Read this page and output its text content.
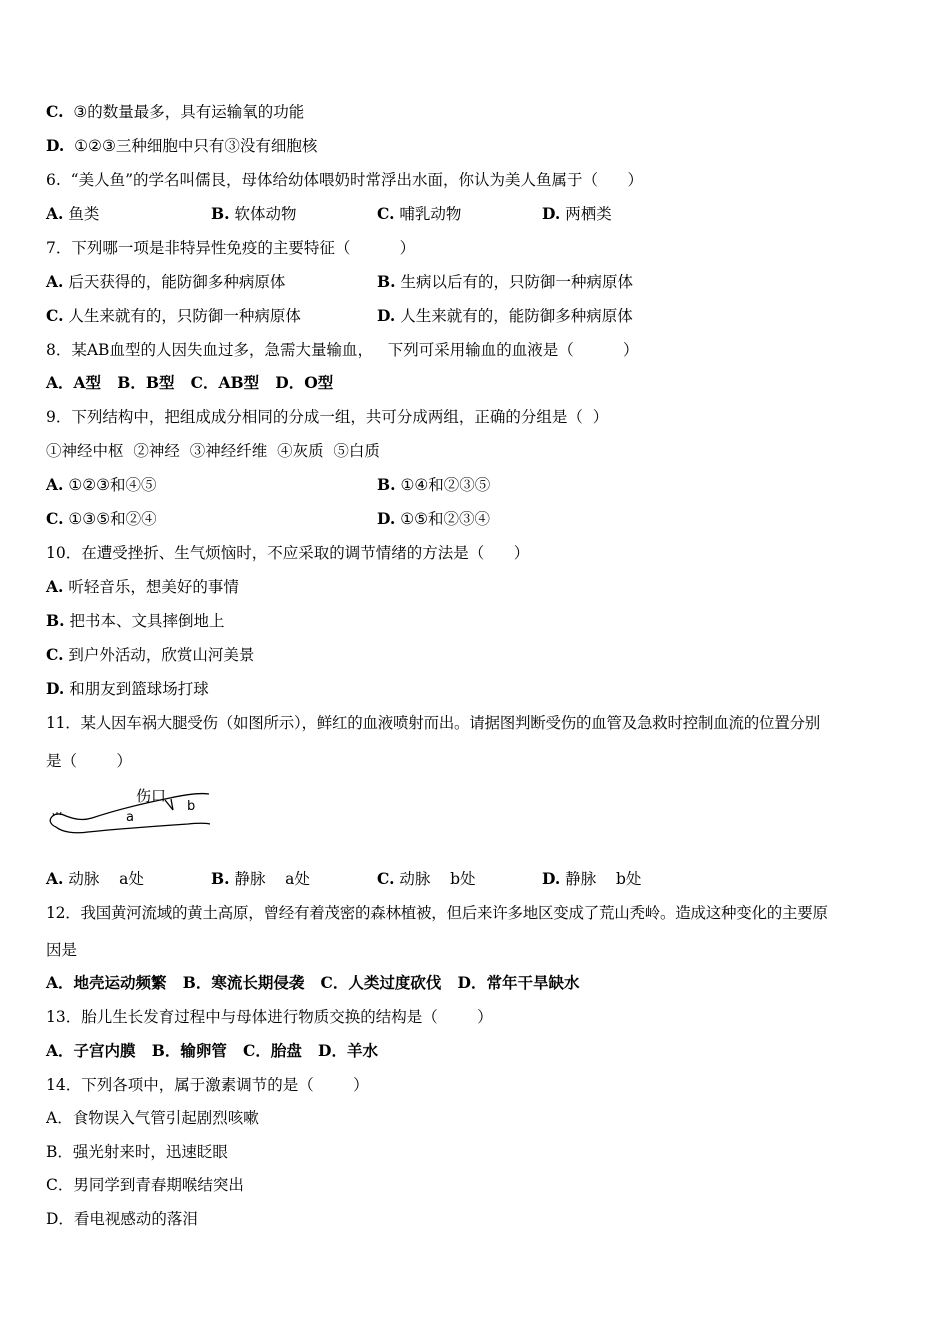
C. ③的数量最多，具有运输氧的功能
D. ①②③三种细胞中只有③没有细胞核
6.  “美人鱼”的学名叫儒艮，母体给幼体喂奶时常浮出水面，你认为美人鱼属于（      ）
A. 鱼类	B. 软体动物	C. 哺乳动物	D. 两栖类
7．下列哪一项是非特异性免疫的主要特征（          ）
A. 后天获得的，能防御多种病原体	B. 生病以后有的，只防御一种病原体
C. 人生来就有的，只防御一种病原体	D. 人生来就有的，能防御多种病原体
8．某AB血型的人因失血过多，急需大量输血，   下列可采用输血的血液是（          ）
A．A型   B．B型   C．AB型   D．O型
9．下列结构中，把组成成分相同的分成一组，共可分成两组，正确的分组是（  ）
①神经中枢  ②神经  ③神经纤维  ④灰质  ⑤白质
A. ①②③和④⑤	B. ①④和②③⑤
C. ①③⑤和②④	D. ①⑤和②③④
10．在遭受挫折、生气烦恼时，不应采取的调节情绪的方法是（      ）
A. 听轻音乐，想美好的事情
B. 把书本、文具摔倒地上
C. 到户外活动，欣赏山河美景
D. 和朋友到篮球场打球
11．某人因车祸大腿受伤（如图所示），鲜红的血液喷射而出。请据图判断受伤的血管及急救时控制血流的位置分别
是（        ）
伤口
a
b
A. 动脉    a处	B. 静脉    a处	C. 动脉    b处	D. 静脉    b处
12．我国黄河流域的黄土高原，曾经有着茂密的森林植被，但后来许多地区变成了荒山秃岭。造成这种变化的主要原
因是
A．地壳运动频繁   B．寒流长期侵袭   C．人类过度砍伐   D．常年干旱缺水
13．胎儿生长发育过程中与母体进行物质交换的结构是（        ）
A．子宫内膜   B．输卵管   C．胎盘   D．羊水
14．下列各项中，属于激素调节的是（        ）
A．食物误入气管引起剧烈咳嗽
B．强光射来时，迅速眨眼
C．男同学到青春期喉结突出
D．看电视感动的落泪
